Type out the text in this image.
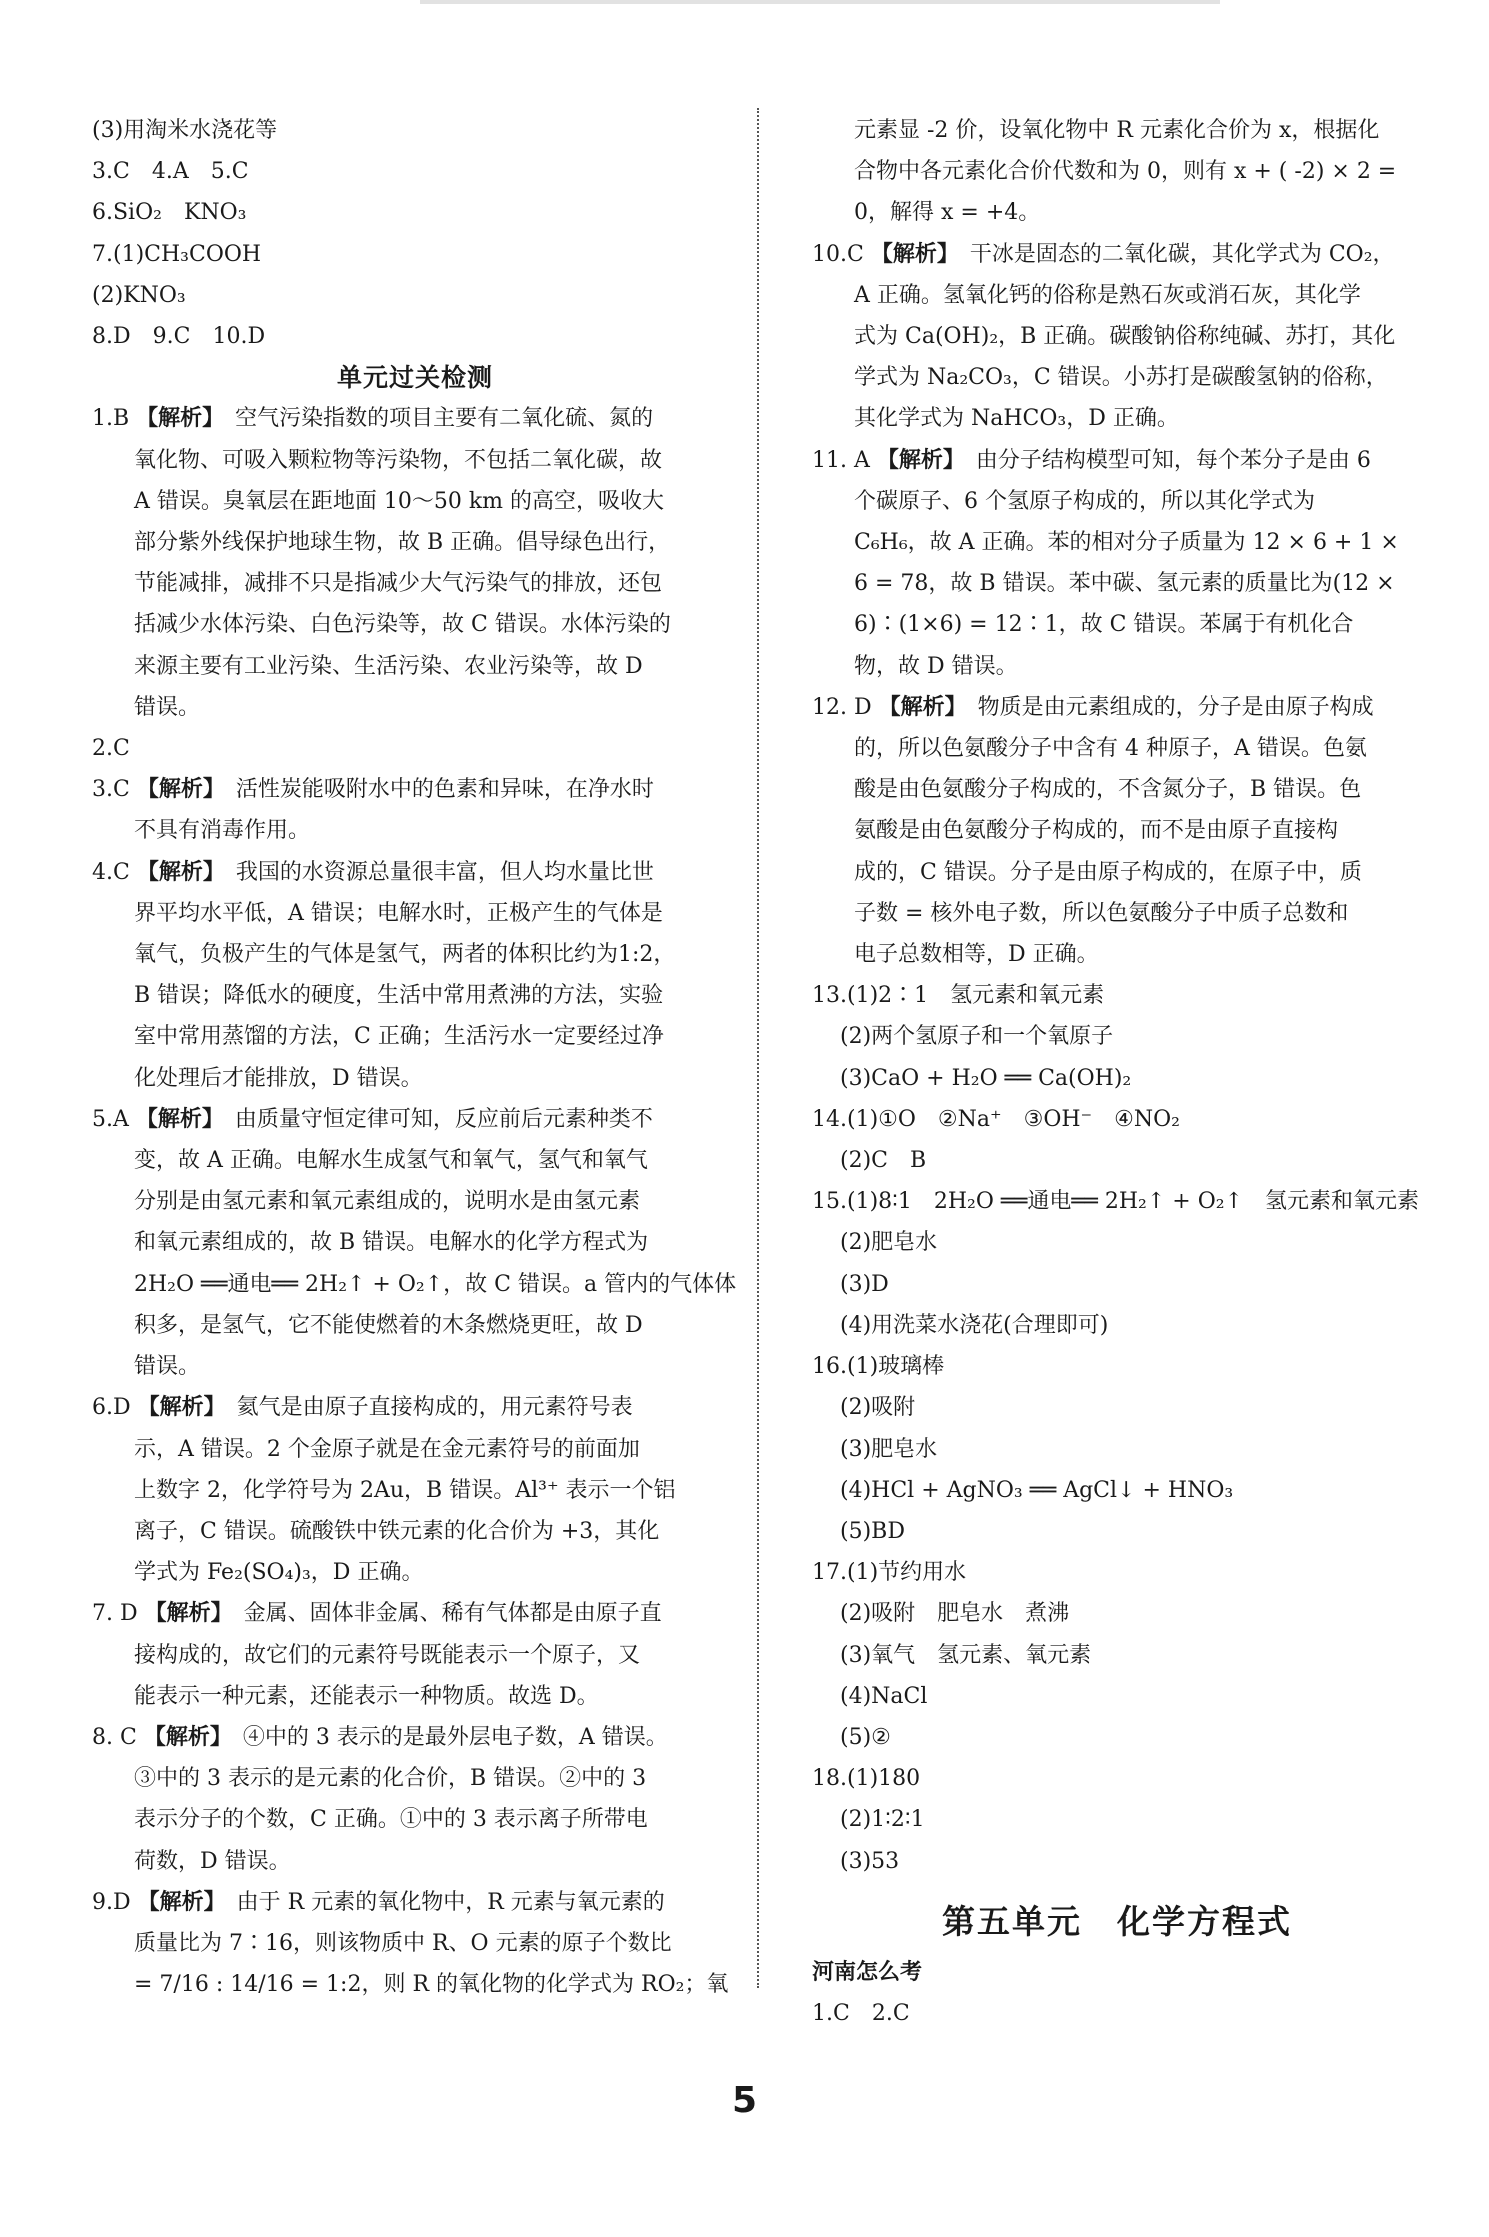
(3)用淘米水浇花等
3.C　4.A　5.C
6.SiO₂　KNO₃
7.(1)CH₃COOH
(2)KNO₃
8.D　9.C　10.D
单元过关检测
1.B 【解析】　空气污染指数的项目主要有二氧化硫、氮的
氧化物、可吸入颗粒物等污染物，不包括二氧化碳，故
A 错误。臭氧层在距地面 10～50 km 的高空，吸收大
部分紫外线保护地球生物，故 B 正确。倡导绿色出行，
节能减排，减排不只是指减少大气污染气的排放，还包
括减少水体污染、白色污染等，故 C 错误。水体污染的
来源主要有工业污染、生活污染、农业污染等，故 D
错误。
2.C
3.C 【解析】　活性炭能吸附水中的色素和异味，在净水时
不具有消毒作用。
4.C 【解析】　我国的水资源总量很丰富，但人均水量比世
界平均水平低，A 错误；电解水时，正极产生的气体是
氧气，负极产生的气体是氢气，两者的体积比约为1:2，
B 错误；降低水的硬度，生活中常用煮沸的方法，实验
室中常用蒸馏的方法，C 正确；生活污水一定要经过净
化处理后才能排放，D 错误。
5.A 【解析】　由质量守恒定律可知，反应前后元素种类不
变，故 A 正确。电解水生成氢气和氧气，氢气和氧气
分别是由氢元素和氧元素组成的，说明水是由氢元素
和氧元素组成的，故 B 错误。电解水的化学方程式为
2H₂O ══通电══ 2H₂↑ + O₂↑，故 C 错误。a 管内的气体体
积多，是氢气，它不能使燃着的木条燃烧更旺，故 D
错误。
6.D 【解析】　氦气是由原子直接构成的，用元素符号表
示，A 错误。2 个金原子就是在金元素符号的前面加
上数字 2，化学符号为 2Au，B 错误。Al³⁺ 表示一个铝
离子，C 错误。硫酸铁中铁元素的化合价为 +3，其化
学式为 Fe₂(SO₄)₃，D 正确。
7. D 【解析】　金属、固体非金属、稀有气体都是由原子直
接构成的，故它们的元素符号既能表示一个原子，又
能表示一种元素，还能表示一种物质。故选 D。
8. C 【解析】　④中的 3 表示的是最外层电子数，A 错误。
③中的 3 表示的是元素的化合价，B 错误。②中的 3
表示分子的个数，C 正确。①中的 3 表示离子所带电
荷数，D 错误。
9.D 【解析】　由于 R 元素的氧化物中，R 元素与氧元素的
质量比为 7∶16，则该物质中 R、O 元素的原子个数比
= 7/16 : 14/16 = 1:2，则 R 的氧化物的化学式为 RO₂；氧
元素显 -2 价，设氧化物中 R 元素化合价为 x，根据化
合物中各元素化合价代数和为 0，则有 x + ( -2) × 2 =
0，解得 x = +4。
10.C 【解析】　干冰是固态的二氧化碳，其化学式为 CO₂，
A 正确。氢氧化钙的俗称是熟石灰或消石灰，其化学
式为 Ca(OH)₂，B 正确。碳酸钠俗称纯碱、苏打，其化
学式为 Na₂CO₃，C 错误。小苏打是碳酸氢钠的俗称，
其化学式为 NaHCO₃，D 正确。
11. A 【解析】　由分子结构模型可知，每个苯分子是由 6
个碳原子、6 个氢原子构成的，所以其化学式为
C₆H₆，故 A 正确。苯的相对分子质量为 12 × 6 + 1 ×
6 = 78，故 B 错误。苯中碳、氢元素的质量比为(12 ×
6)∶(1×6) = 12∶1，故 C 错误。苯属于有机化合
物，故 D 错误。
12. D 【解析】　物质是由元素组成的，分子是由原子构成
的，所以色氨酸分子中含有 4 种原子，A 错误。色氨
酸是由色氨酸分子构成的，不含氮分子，B 错误。色
氨酸是由色氨酸分子构成的，而不是由原子直接构
成的，C 错误。分子是由原子构成的，在原子中，质
子数 = 核外电子数，所以色氨酸分子中质子总数和
电子总数相等，D 正确。
13.(1)2∶1　氢元素和氧元素
(2)两个氢原子和一个氧原子
(3)CaO + H₂O ══ Ca(OH)₂
14.(1)①O　②Na⁺　③OH⁻　④NO₂
(2)C　B
15.(1)8∶1　2H₂O ══通电══ 2H₂↑ + O₂↑　氢元素和氧元素
(2)肥皂水
(3)D
(4)用洗菜水浇花(合理即可)
16.(1)玻璃棒
(2)吸附
(3)肥皂水
(4)HCl + AgNO₃ ══ AgCl↓ + HNO₃
(5)BD
17.(1)节约用水
(2)吸附　肥皂水　煮沸
(3)氧气　氢元素、氧元素
(4)NaCl
(5)②
18.(1)180
(2)1∶2∶1
(3)53
第五单元　化学方程式
河南怎么考
1.C　2.C
5
